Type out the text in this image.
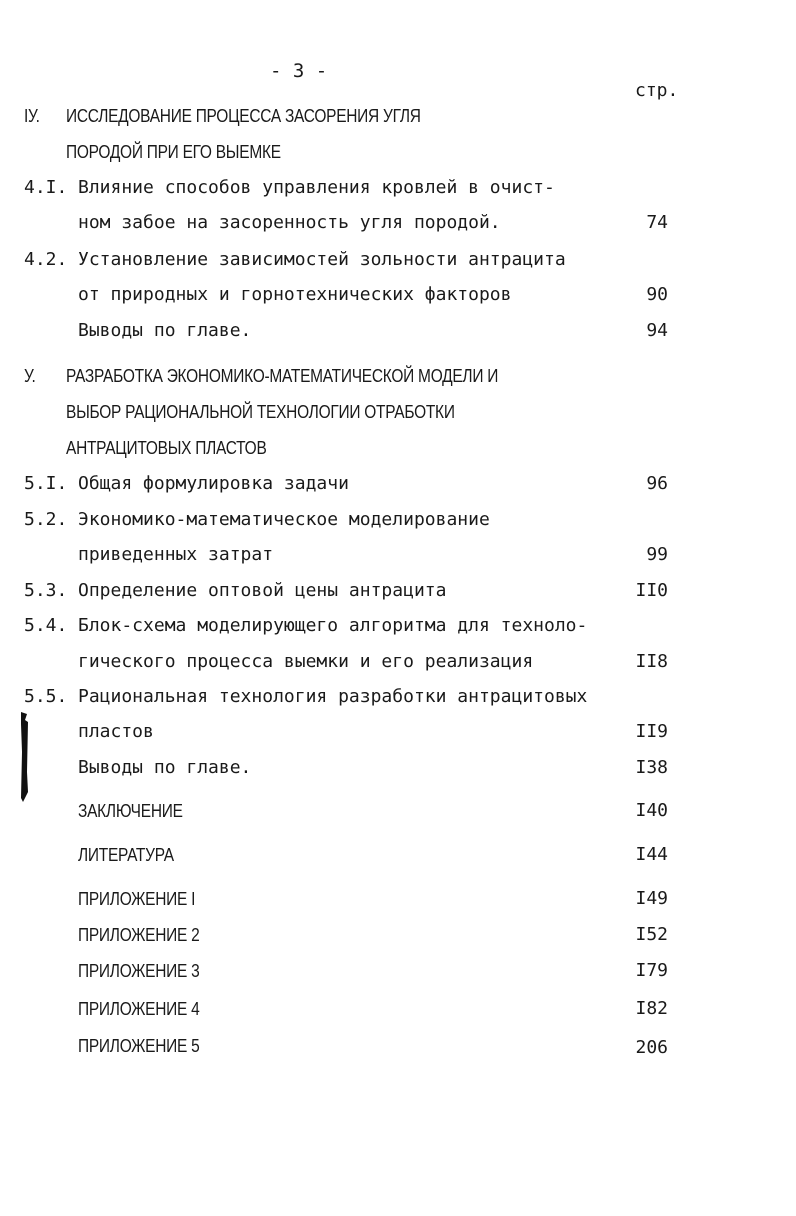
- 3 -
стр.
IУ. ИССЛЕДОВАНИЕ ПРОЦЕССА ЗАСОРЕНИЯ УГЛЯ
ПОРОДОЙ ПРИ ЕГО ВЫЕМКЕ
4.I. Влияние способов управления кровлей в очист-
ном забое на засоренность угля породой.	74
4.2. Установление зависимостей зольности антрацита
от природных и горнотехнических факторов	90
Выводы по главе.	94
У. РАЗРАБОТКА ЭКОНОМИКО-МАТЕМАТИЧЕСКОЙ МОДЕЛИ И
ВЫБОР РАЦИОНАЛЬНОЙ ТЕХНОЛОГИИ ОТРАБОТКИ
АНТРАЦИТОВЫХ ПЛАСТОВ
5.I. Общая формулировка задачи	96
5.2. Экономико-математическое моделирование
приведенных затрат	99
5.3. Определение оптовой цены антрацита	II0
5.4. Блок-схема моделирующего алгоритма для техноло-
гического процесса выемки и его реализация	II8
5.5. Рациональная технология разработки антрацитовых
пластов	II9
Выводы по главе.	I38
ЗАКЛЮЧЕНИЕ	I40
ЛИТЕРАТУРА	I44
ПРИЛОЖЕНИЕ I	I49
ПРИЛОЖЕНИЕ 2	I52
ПРИЛОЖЕНИЕ 3	I79
ПРИЛОЖЕНИЕ 4	I82
ПРИЛОЖЕНИЕ 5	206
